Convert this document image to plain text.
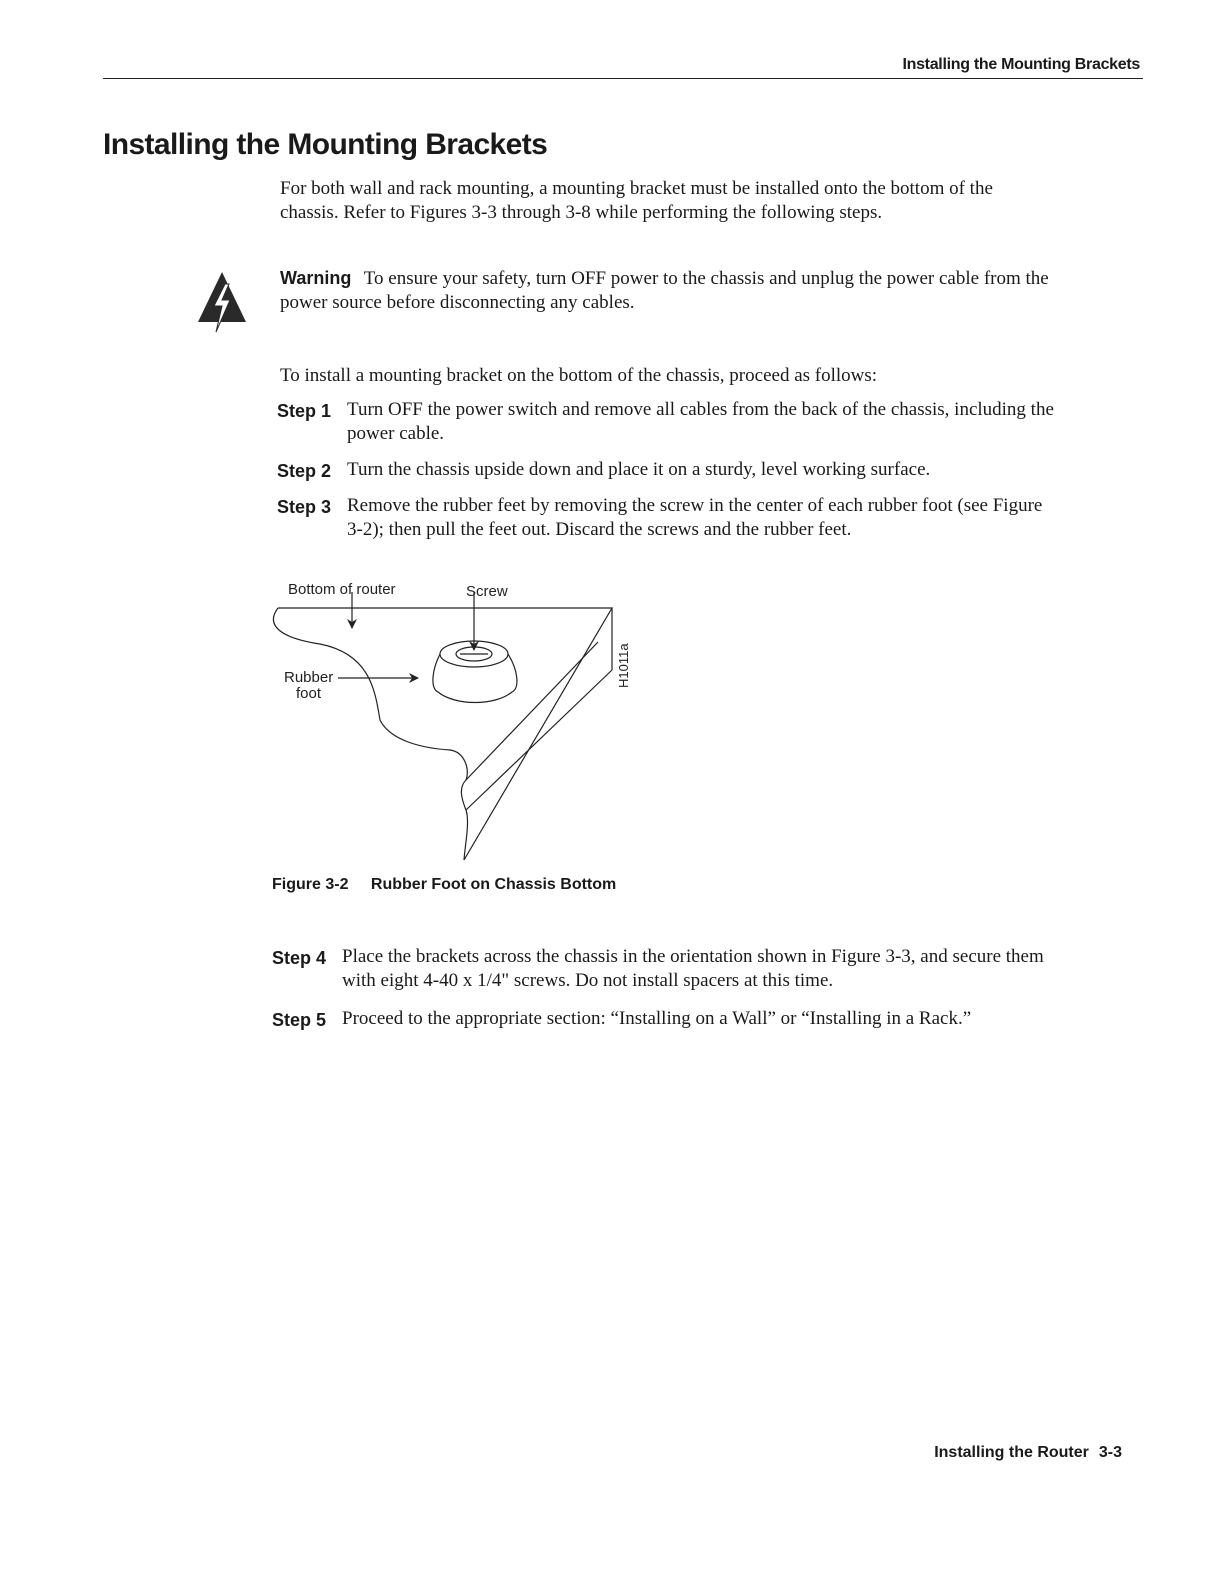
Installing the Mounting Brackets
Installing the Mounting Brackets
For both wall and rack mounting, a mounting bracket must be installed onto the bottom of the chassis. Refer to Figures 3-3 through 3-8 while performing the following steps.
Warning To ensure your safety, turn OFF power to the chassis and unplug the power cable from the power source before disconnecting any cables.
To install a mounting bracket on the bottom of the chassis, proceed as follows:
Step 1 Turn OFF the power switch and remove all cables from the back of the chassis, including the power cable.
Step 2 Turn the chassis upside down and place it on a sturdy, level working surface.
Step 3 Remove the rubber feet by removing the screw in the center of each rubber foot (see Figure 3-2); then pull the feet out. Discard the screws and the rubber feet.
Bottom of router	Screw
Rubber
foot
H1011a
Figure 3-2 Rubber Foot on Chassis Bottom
Step 4 Place the brackets across the chassis in the orientation shown in Figure 3-3, and secure them with eight 4-40 x 1/4" screws. Do not install spacers at this time.
Step 5 Proceed to the appropriate section: “Installing on a Wall” or “Installing in a Rack.”
Installing the Router 3-3
